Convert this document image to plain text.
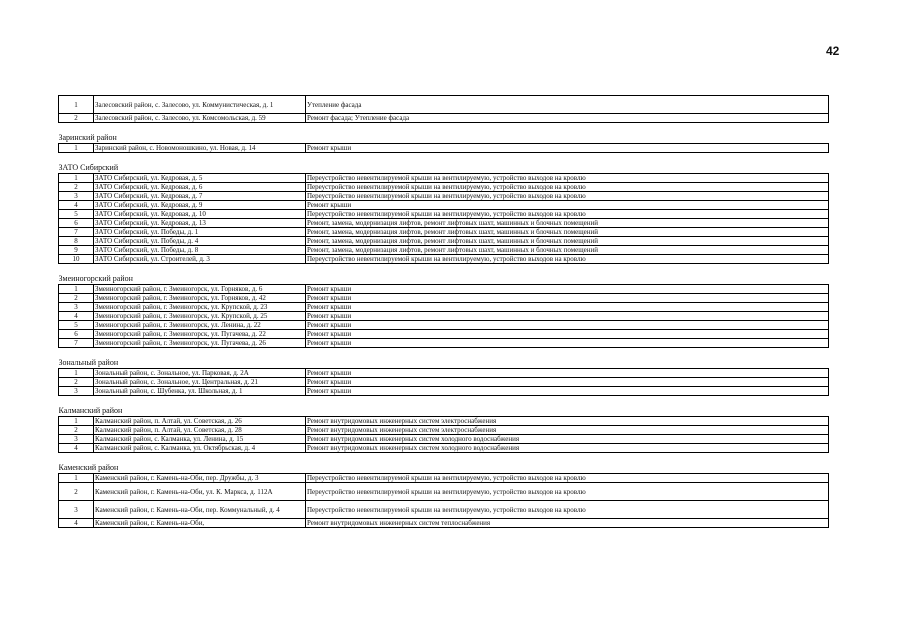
42
1	Залесовский район, с. Залесово, ул. Коммунистическая, д. 1	Утепление фасада
2	Залесовский район, с. Залесово, ул. Комсомольская, д. 59	Ремонт фасада; Утепление фасада

Заринский район		
1	Заринский район, с. Новомоношкино, ул. Новая, д. 14	Ремонт крыши

ЗАТО Сибирский		
1	ЗАТО Сибирский, ул. Кедровая, д. 5	Переустройство невентилируемой крыши на вентилируемую, устройство выходов на кровлю
2	ЗАТО Сибирский, ул. Кедровая, д. 6	Переустройство невентилируемой крыши на вентилируемую, устройство выходов на кровлю
3	ЗАТО Сибирский, ул. Кедровая, д. 7	Переустройство невентилируемой крыши на вентилируемую, устройство выходов на кровлю
4	ЗАТО Сибирский, ул. Кедровая, д. 9	Ремонт крыши
5	ЗАТО Сибирский, ул. Кедровая, д. 10	Переустройство невентилируемой крыши на вентилируемую, устройство выходов на кровлю
6	ЗАТО Сибирский, ул. Кедровая, д. 13	Ремонт, замена, модернизация лифтов, ремонт лифтовых шахт, машинных и блочных помещений
7	ЗАТО Сибирский, ул. Победы, д. 1	Ремонт, замена, модернизация лифтов, ремонт лифтовых шахт, машинных и блочных помещений
8	ЗАТО Сибирский, ул. Победы, д. 4	Ремонт, замена, модернизация лифтов, ремонт лифтовых шахт, машинных и блочных помещений
9	ЗАТО Сибирский, ул. Победы, д. 8	Ремонт, замена, модернизация лифтов, ремонт лифтовых шахт, машинных и блочных помещений
10	ЗАТО Сибирский, ул. Строителей, д. 3	Переустройство невентилируемой крыши на вентилируемую, устройство выходов на кровлю

Змеиногорский район		
1	Змеиногорский район, г. Змеиногорск, ул. Горняков, д. 6	Ремонт крыши
2	Змеиногорский район, г. Змеиногорск, ул. Горняков, д. 42	Ремонт крыши
3	Змеиногорский район, г. Змеиногорск, ул. Крупской, д. 23	Ремонт крыши
4	Змеиногорский район, г. Змеиногорск, ул. Крупской, д. 25	Ремонт крыши
5	Змеиногорский район, г. Змеиногорск, ул. Ленина, д. 22	Ремонт крыши
6	Змеиногорский район, г. Змеиногорск, ул. Пугачева, д. 22	Ремонт крыши
7	Змеиногорский район, г. Змеиногорск, ул. Пугачева, д. 26	Ремонт крыши

Зональный район		
1	Зональный район, с. Зональное, ул. Парковая, д. 2А	Ремонт крыши
2	Зональный район, с. Зональное, ул. Центральная, д. 21	Ремонт крыши
3	Зональный район, с. Шубенка, ул. Школьная, д. 1	Ремонт крыши

Калманский район		
1	Калманский район, п. Алтай, ул. Советская, д. 26	Ремонт внутридомовых инженерных систем электроснабжения
2	Калманский район, п. Алтай, ул. Советская, д. 28	Ремонт внутридомовых инженерных систем электроснабжения
3	Калманский район, с. Калманка, ул. Ленина, д. 15	Ремонт внутридомовых инженерных систем холодного водоснабжения
4	Калманский район, с. Калманка, ул. Октябрьская, д. 4	Ремонт внутридомовых инженерных систем холодного водоснабжения

Каменский район		
1	Каменский район, г. Камень-на-Оби, пер. Дружбы, д. 3	Переустройство невентилируемой крыши на вентилируемую, устройство выходов на кровлю
2	Каменский район, г. Камень-на-Оби, ул. К. Маркса, д. 112А	Переустройство невентилируемой крыши на вентилируемую, устройство выходов на кровлю
3	Каменский район, г. Камень-на-Оби, пер. Коммунальный, д. 4	Переустройство невентилируемой крыши на вентилируемую, устройство выходов на кровлю
4	Каменский район, г. Камень-на-Оби,	Ремонт внутридомовых инженерных систем теплоснабжения
